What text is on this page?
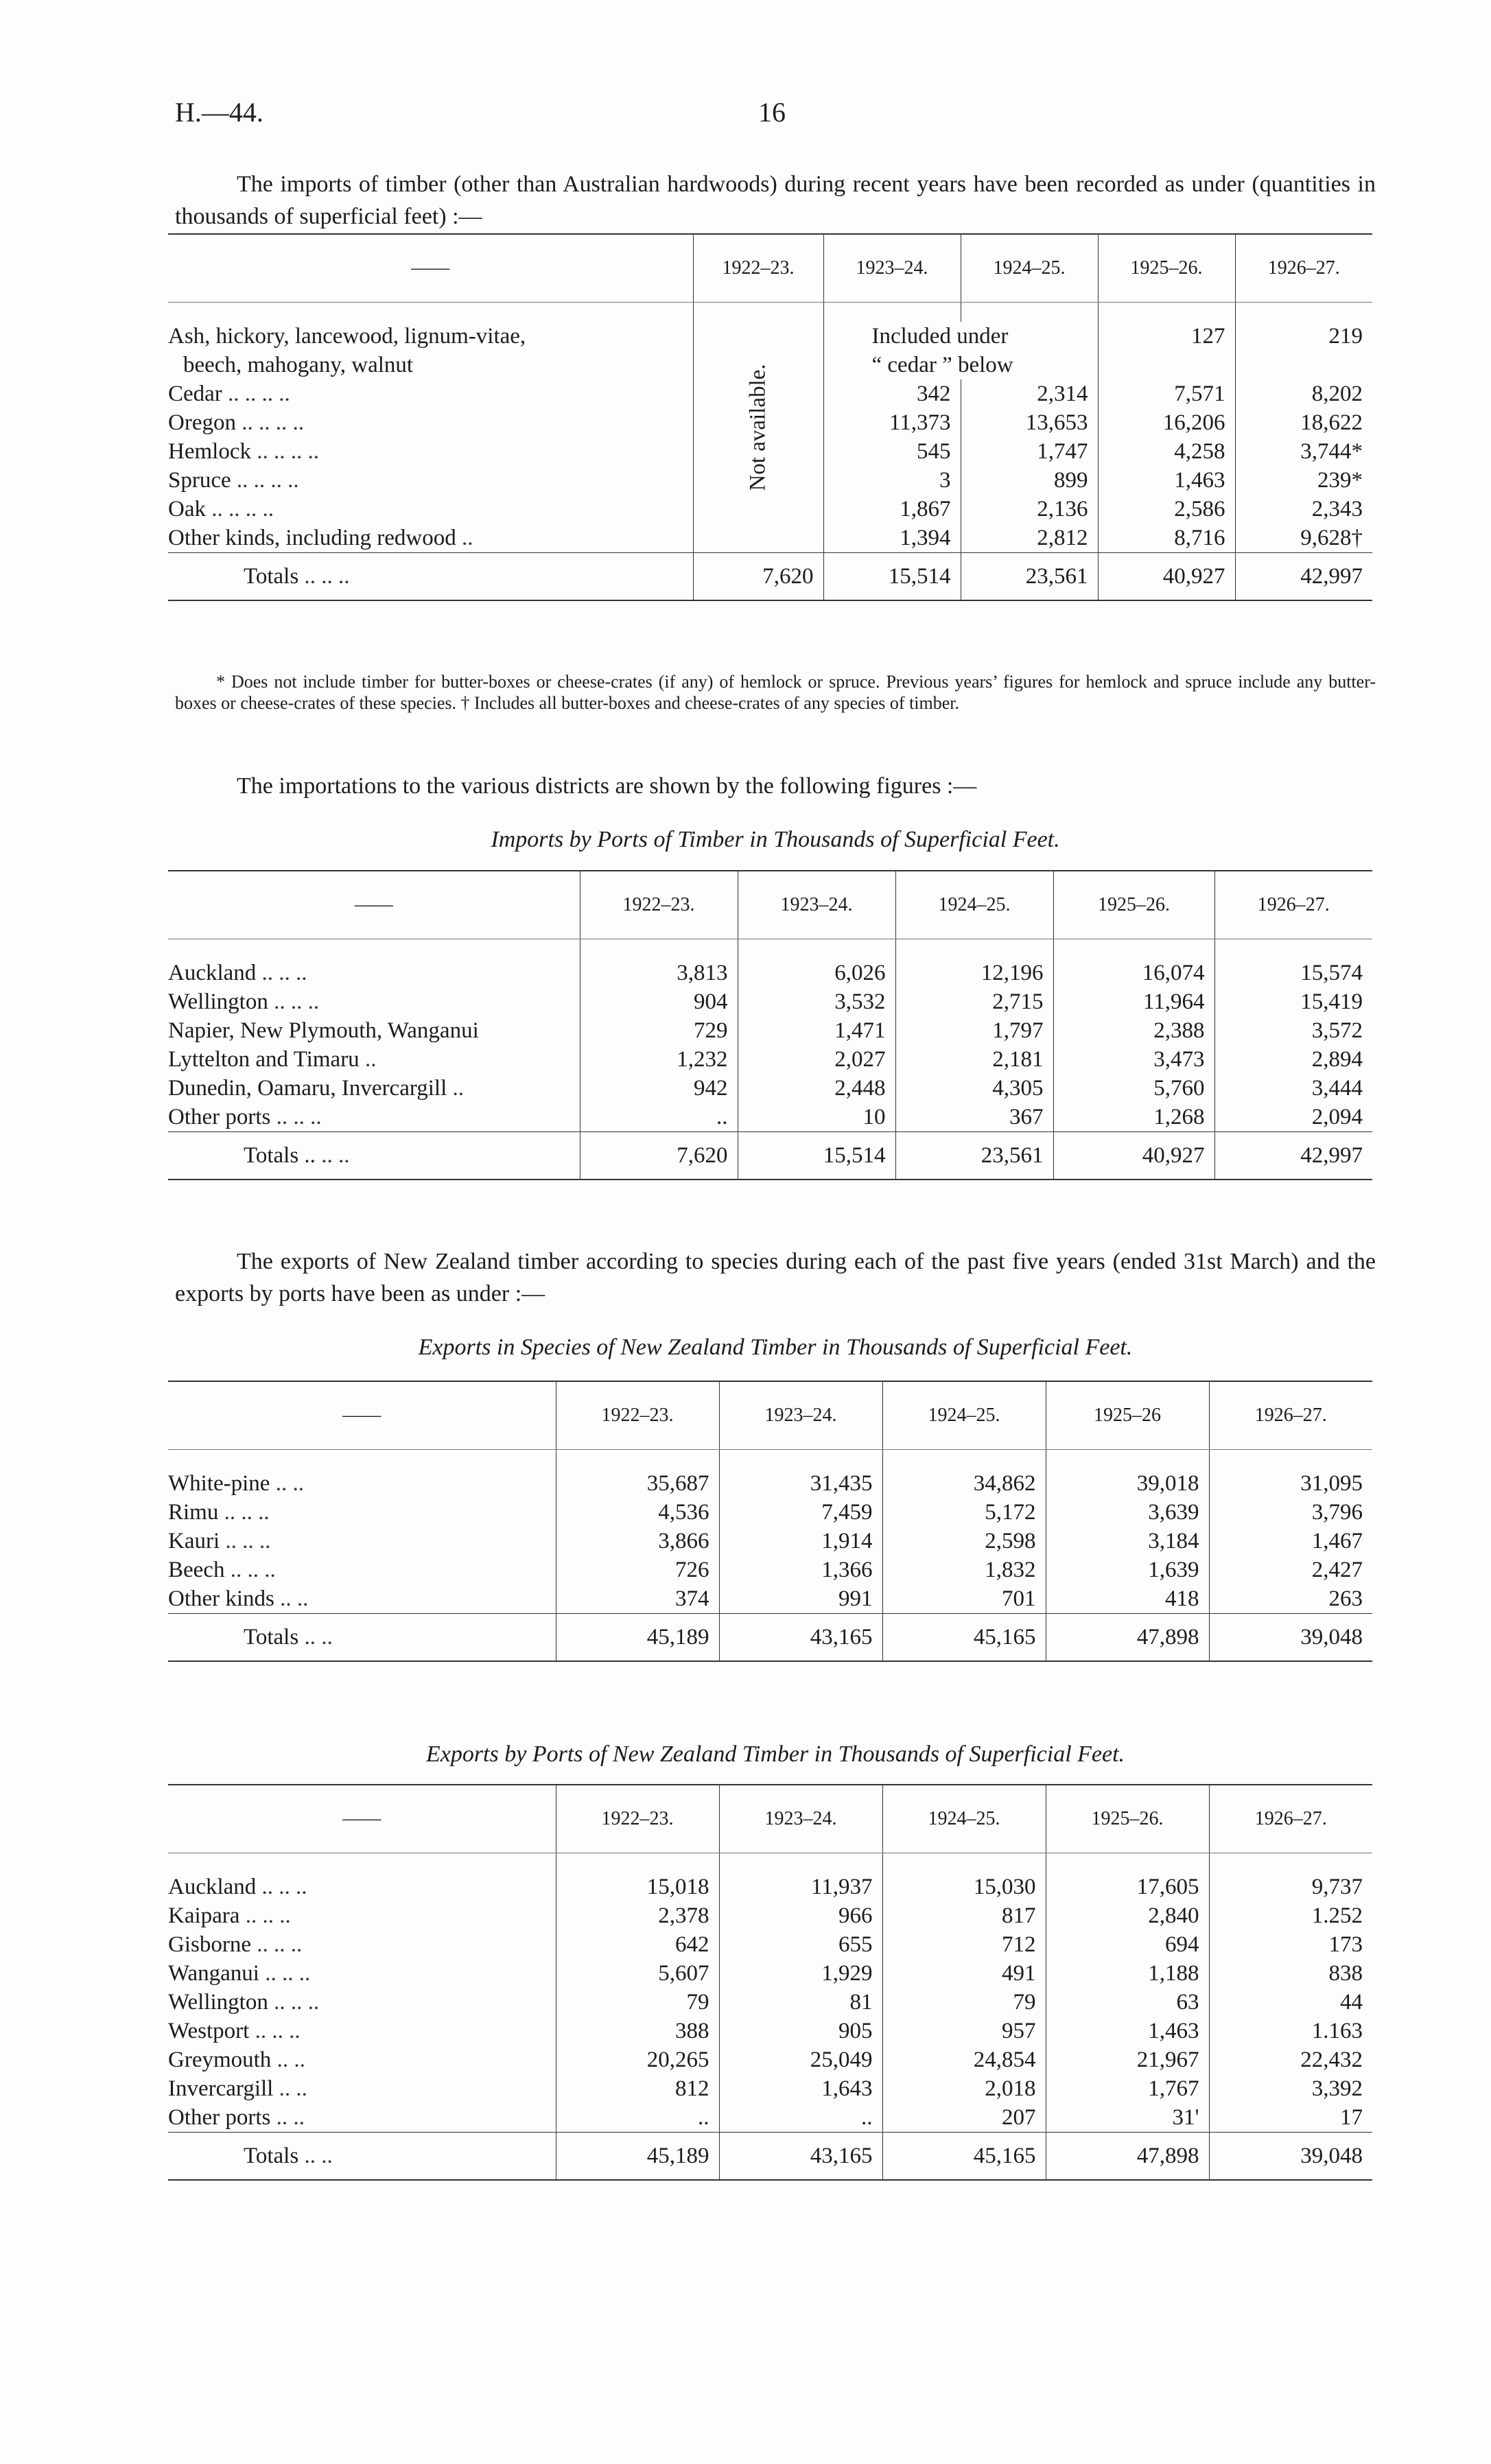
H.—44.	16

The imports of timber (other than Australian hardwoods) during recent years have been recorded as under (quantities in thousands of superficial feet) :—

——	1922–23.	1923–24.	1924–25.	1925–26.	1926–27.
	Not available.				
Ash, hickory, lancewood, lignum-vitae,		Included under		127	219
beech, mahogany, walnut		“ cedar ” below			
Cedar .. .. .. ..		342	2,314	7,571	8,202
Oregon .. .. .. ..		11,373	13,653	16,206	18,622
Hemlock .. .. .. ..		545	1,747	4,258	3,744*
Spruce .. .. .. ..		3	899	1,463	239*
Oak .. .. .. ..		1,867	2,136	2,586	2,343
Other kinds, including redwood ..		1,394	2,812	8,716	9,628†
Totals .. .. ..	7,620	15,514	23,561	40,927	42,997

* Does not include timber for butter-boxes or cheese-crates (if any) of hemlock or spruce. Previous years’ figures for hemlock and spruce include any butter-boxes or cheese-crates of these species. † Includes all butter-boxes and cheese-crates of any species of timber.

The importations to the various districts are shown by the following figures :—

Imports by Ports of Timber in Thousands of Superficial Feet.
——	1922–23.	1923–24.	1924–25.	1925–26.	1926–27.

Auckland .. .. ..	3,813	6,026	12,196	16,074	15,574
Wellington .. .. ..	904	3,532	2,715	11,964	15,419
Napier, New Plymouth, Wanganui	729	1,471	1,797	2,388	3,572
Lyttelton and Timaru ..	1,232	2,027	2,181	3,473	2,894
Dunedin, Oamaru, Invercargill ..	942	2,448	4,305	5,760	3,444
Other ports .. .. ..	..	10	367	1,268	2,094
Totals .. .. ..	7,620	15,514	23,561	40,927	42,997

The exports of New Zealand timber according to species during each of the past five years (ended 31st March) and the exports by ports have been as under :—

Exports in Species of New Zealand Timber in Thousands of Superficial Feet.
——	1922–23.	1923–24.	1924–25.	1925–26	1926–27.

White-pine .. ..	35,687	31,435	34,862	39,018	31,095
Rimu .. .. ..	4,536	7,459	5,172	3,639	3,796
Kauri .. .. ..	3,866	1,914	2,598	3,184	1,467
Beech .. .. ..	726	1,366	1,832	1,639	2,427
Other kinds .. ..	374	991	701	418	263
Totals .. ..	45,189	43,165	45,165	47,898	39,048
Exports by Ports of New Zealand Timber in Thousands of Superficial Feet.
——	1922–23.	1923–24.	1924–25.	1925–26.	1926–27.

Auckland .. .. ..	15,018	11,937	15,030	17,605	9,737
Kaipara .. .. ..	2,378	966	817	2,840	1.252
Gisborne .. .. ..	642	655	712	694	173
Wanganui .. .. ..	5,607	1,929	491	1,188	838
Wellington .. .. ..	79	81	79	63	44
Westport .. .. ..	388	905	957	1,463	1.163
Greymouth .. ..	20,265	25,049	24,854	21,967	22,432
Invercargill .. ..	812	1,643	2,018	1,767	3,392
Other ports .. ..	..	..	207	31'	17
Totals .. ..	45,189	43,165	45,165	47,898	39,048
